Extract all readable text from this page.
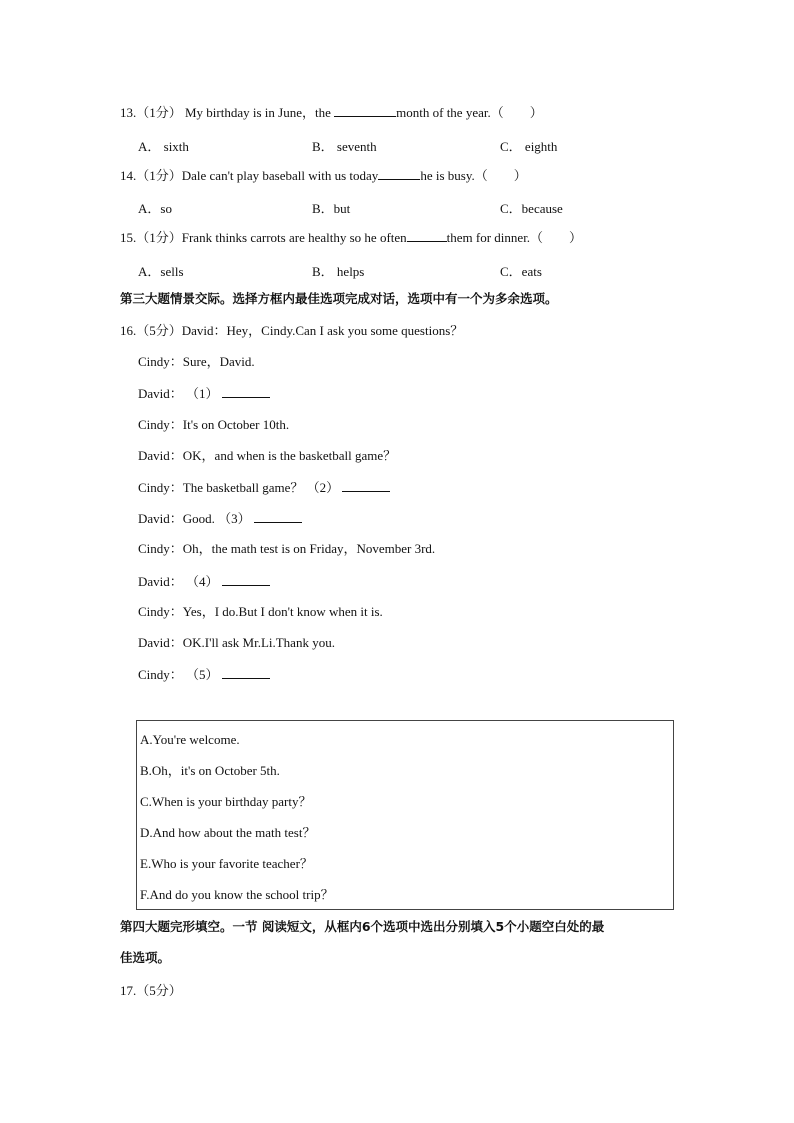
13.（1分） My birthday is in June，the	month of the year.（　　）
A． sixth	B． seventh	C． eighth
14.（1分）Dale can't play baseball with us today	he is busy.（　　）
A．so	B．but	C．because
15.（1分）Frank thinks carrots are healthy so he often	them for dinner.（　　）
A．sells	B． helps	C．eats
第三大题情景交际。选择方框内最佳选项完成对话，选项中有一个为多余选项。
16.（5分）David：Hey，Cindy.Can I ask you some questions？
Cindy：Sure，David.
David： （1）
Cindy：It's on October 10th.
David：OK，and when is the basketball game？
Cindy：The basketball game？ （2）
David：Good. （3）
Cindy：Oh，the math test is on Friday，November 3rd.
David： （4）
Cindy：Yes，I do.But I don't know when it is.
David：OK.I'll ask Mr.Li.Thank you.
Cindy： （5）
A.You're welcome.
B.Oh，it's on October 5th.
C.When is your birthday party？
D.And how about the math test？
E.Who is your favorite teacher？
F.And do you know the school trip？
第四大题完形填空。一节 阅读短文，从框内6个选项中选出分别填入5个小题空白处的最
佳选项。
17.（5分）
